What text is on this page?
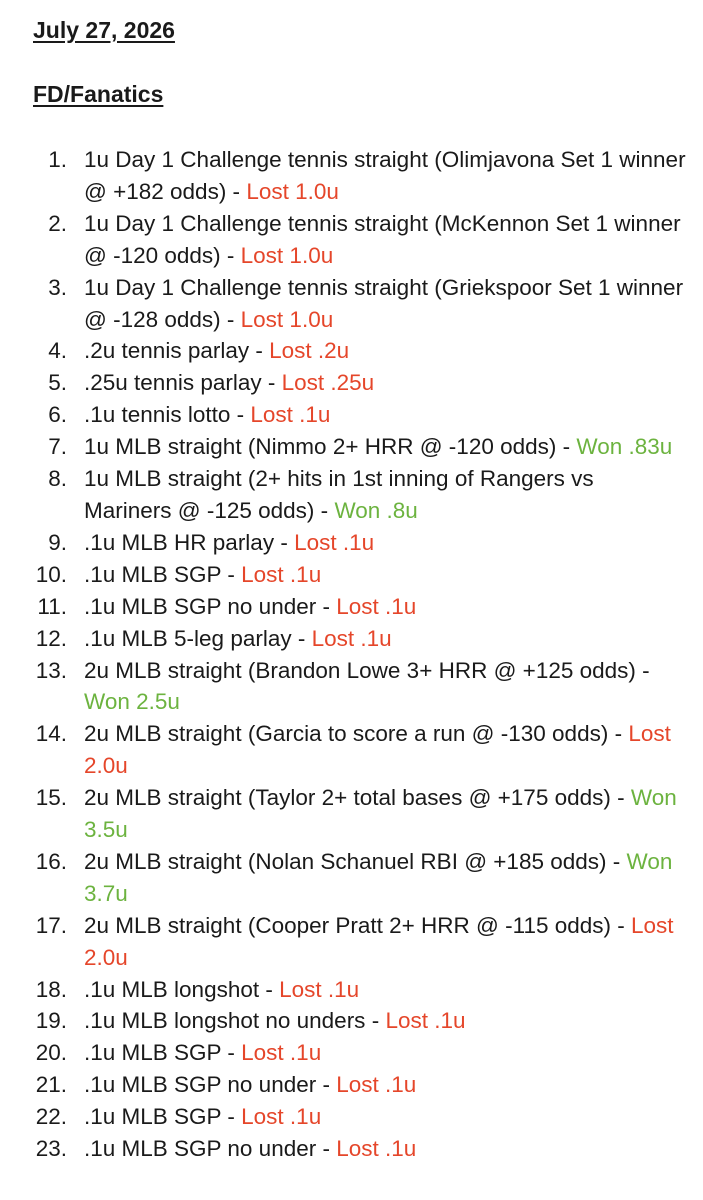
July 27, 2026
FD/Fanatics
1. 1u Day 1 Challenge tennis straight (Olimjavona Set 1 winner @ +182 odds) - Lost 1.0u
2. 1u Day 1 Challenge tennis straight (McKennon Set 1 winner @ -120 odds) - Lost 1.0u
3. 1u Day 1 Challenge tennis straight (Griekspoor Set 1 winner @ -128 odds) - Lost 1.0u
4. .2u tennis parlay - Lost .2u
5. .25u tennis parlay - Lost .25u
6. .1u tennis lotto - Lost .1u
7. 1u MLB straight (Nimmo 2+ HRR @ -120 odds) - Won .83u
8. 1u MLB straight (2+ hits in 1st inning of Rangers vs Mariners @ -125 odds) - Won .8u
9. .1u MLB HR parlay - Lost .1u
10. .1u MLB SGP - Lost .1u
11. .1u MLB SGP no under - Lost .1u
12. .1u MLB 5-leg parlay - Lost .1u
13. 2u MLB straight (Brandon Lowe 3+ HRR @ +125 odds) - Won 2.5u
14. 2u MLB straight (Garcia to score a run @ -130 odds) - Lost 2.0u
15. 2u MLB straight (Taylor 2+ total bases @ +175 odds) - Won 3.5u
16. 2u MLB straight (Nolan Schanuel RBI @ +185 odds) - Won 3.7u
17. 2u MLB straight (Cooper Pratt 2+ HRR @ -115 odds) - Lost 2.0u
18. .1u MLB longshot - Lost .1u
19. .1u MLB longshot no unders - Lost .1u
20. .1u MLB SGP - Lost .1u
21. .1u MLB SGP no under - Lost .1u
22. .1u MLB SGP - Lost .1u
23. .1u MLB SGP no under - Lost .1u
